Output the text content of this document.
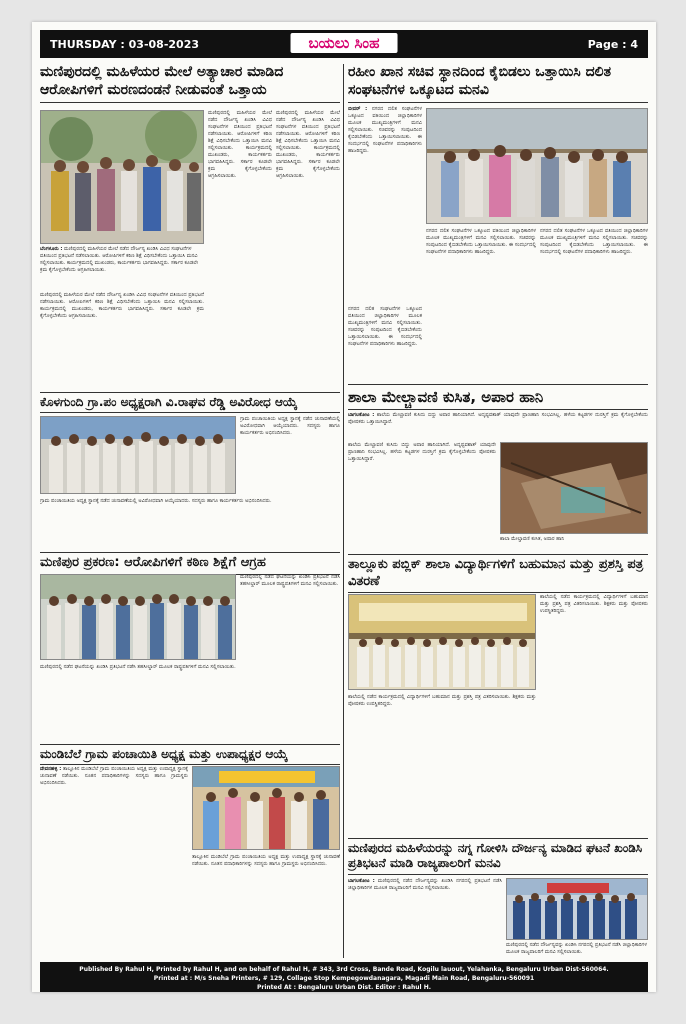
THURSDAY : 03-08-2023	ಬಯಲು ಸಿಂಹ	Page : 4
ಮಣಿಪುರದಲ್ಲಿ ಮಹಿಳೆಯರ ಮೇಲೆ ಅತ್ಯಾಚಾರ ಮಾಡಿದ ಆರೋಪಿಗಳಿಗೆ ಮರಣದಂಡನೆ ನೀಡುವಂತೆ ಒತ್ತಾಯ
ಬೆಂಗಳೂರು : ಮಣಿಪುರದಲ್ಲಿ ಮಹಿಳೆಯರ ಮೇಲೆ ನಡೆದ ದೌರ್ಜನ್ಯ ಖಂಡಿಸಿ ವಿವಿಧ ಸಂಘಟನೆಗಳ ವತಿಯಿಂದ ಪ್ರತಿಭಟನೆ ನಡೆಸಲಾಯಿತು. ಆರೋಪಿಗಳಿಗೆ ಕಠಿಣ ಶಿಕ್ಷೆ ವಿಧಿಸಬೇಕೆಂದು ಒತ್ತಾಯಿಸಿ ಮನವಿ ಸಲ್ಲಿಸಲಾಯಿತು. ಕಾರ್ಯಕ್ರಮದಲ್ಲಿ ಮುಖಂಡರು, ಕಾರ್ಯಕರ್ತರು ಭಾಗವಹಿಸಿದ್ದರು. ಸರ್ಕಾರ ಕೂಡಲೇ ಕ್ರಮ ಕೈಗೊಳ್ಳಬೇಕೆಂದು ಆಗ್ರಹಿಸಲಾಯಿತು.
ಮಣಿಪುರದಲ್ಲಿ ಮಹಿಳೆಯರ ಮೇಲೆ ನಡೆದ ದೌರ್ಜನ್ಯ ಖಂಡಿಸಿ ವಿವಿಧ ಸಂಘಟನೆಗಳ ವತಿಯಿಂದ ಪ್ರತಿಭಟನೆ ನಡೆಸಲಾಯಿತು. ಆರೋಪಿಗಳಿಗೆ ಕಠಿಣ ಶಿಕ್ಷೆ ವಿಧಿಸಬೇಕೆಂದು ಒತ್ತಾಯಿಸಿ ಮನವಿ ಸಲ್ಲಿಸಲಾಯಿತು. ಕಾರ್ಯಕ್ರಮದಲ್ಲಿ ಮುಖಂಡರು, ಕಾರ್ಯಕರ್ತರು ಭಾಗವಹಿಸಿದ್ದರು. ಸರ್ಕಾರ ಕೂಡಲೇ ಕ್ರಮ ಕೈಗೊಳ್ಳಬೇಕೆಂದು ಆಗ್ರಹಿಸಲಾಯಿತು.
ಮಣಿಪುರದಲ್ಲಿ ಮಹಿಳೆಯರ ಮೇಲೆ ನಡೆದ ದೌರ್ಜನ್ಯ ಖಂಡಿಸಿ ವಿವಿಧ ಸಂಘಟನೆಗಳ ವತಿಯಿಂದ ಪ್ರತಿಭಟನೆ ನಡೆಸಲಾಯಿತು. ಆರೋಪಿಗಳಿಗೆ ಕಠಿಣ ಶಿಕ್ಷೆ ವಿಧಿಸಬೇಕೆಂದು ಒತ್ತಾಯಿಸಿ ಮನವಿ ಸಲ್ಲಿಸಲಾಯಿತು. ಕಾರ್ಯಕ್ರಮದಲ್ಲಿ ಮುಖಂಡರು, ಕಾರ್ಯಕರ್ತರು ಭಾಗವಹಿಸಿದ್ದರು. ಸರ್ಕಾರ ಕೂಡಲೇ ಕ್ರಮ ಕೈಗೊಳ್ಳಬೇಕೆಂದು ಆಗ್ರಹಿಸಲಾಯಿತು.
ಮಣಿಪುರದಲ್ಲಿ ಮಹಿಳೆಯರ ಮೇಲೆ ನಡೆದ ದೌರ್ಜನ್ಯ ಖಂಡಿಸಿ ವಿವಿಧ ಸಂಘಟನೆಗಳ ವತಿಯಿಂದ ಪ್ರತಿಭಟನೆ ನಡೆಸಲಾಯಿತು. ಆರೋಪಿಗಳಿಗೆ ಕಠಿಣ ಶಿಕ್ಷೆ ವಿಧಿಸಬೇಕೆಂದು ಒತ್ತಾಯಿಸಿ ಮನವಿ ಸಲ್ಲಿಸಲಾಯಿತು. ಕಾರ್ಯಕ್ರಮದಲ್ಲಿ ಮುಖಂಡರು, ಕಾರ್ಯಕರ್ತರು ಭಾಗವಹಿಸಿದ್ದರು. ಸರ್ಕಾರ ಕೂಡಲೇ ಕ್ರಮ ಕೈಗೊಳ್ಳಬೇಕೆಂದು ಆಗ್ರಹಿಸಲಾಯಿತು.
ರಹೀಂ ಖಾನ ಸಚಿವ ಸ್ಥಾನದಿಂದ ಕೈಬಿಡಲು ಒತ್ತಾಯಿಸಿ ದಲಿತ ಸಂಘಟನೆಗಳ ಒಕ್ಕೂಟದ ಮನವಿ
ಬೀದರ್ : ನಗರದ ದಲಿತ ಸಂಘಟನೆಗಳ ಒಕ್ಕೂಟದ ವತಿಯಿಂದ ಜಿಲ್ಲಾಧಿಕಾರಿಗಳ ಮೂಲಕ ಮುಖ್ಯಮಂತ್ರಿಗಳಿಗೆ ಮನವಿ ಸಲ್ಲಿಸಲಾಯಿತು. ಸಚಿವರನ್ನು ಸಂಪುಟದಿಂದ ಕೈಬಿಡಬೇಕೆಂದು ಒತ್ತಾಯಿಸಲಾಯಿತು. ಈ ಸಂದರ್ಭದಲ್ಲಿ ಸಂಘಟನೆಗಳ ಪದಾಧಿಕಾರಿಗಳು ಹಾಜರಿದ್ದರು.
ನಗರದ ದಲಿತ ಸಂಘಟನೆಗಳ ಒಕ್ಕೂಟದ ವತಿಯಿಂದ ಜಿಲ್ಲಾಧಿಕಾರಿಗಳ ಮೂಲಕ ಮುಖ್ಯಮಂತ್ರಿಗಳಿಗೆ ಮನವಿ ಸಲ್ಲಿಸಲಾಯಿತು. ಸಚಿವರನ್ನು ಸಂಪುಟದಿಂದ ಕೈಬಿಡಬೇಕೆಂದು ಒತ್ತಾಯಿಸಲಾಯಿತು. ಈ ಸಂದರ್ಭದಲ್ಲಿ ಸಂಘಟನೆಗಳ ಪದಾಧಿಕಾರಿಗಳು ಹಾಜರಿದ್ದರು.
ನಗರದ ದಲಿತ ಸಂಘಟನೆಗಳ ಒಕ್ಕೂಟದ ವತಿಯಿಂದ ಜಿಲ್ಲಾಧಿಕಾರಿಗಳ ಮೂಲಕ ಮುಖ್ಯಮಂತ್ರಿಗಳಿಗೆ ಮನವಿ ಸಲ್ಲಿಸಲಾಯಿತು. ಸಚಿವರನ್ನು ಸಂಪುಟದಿಂದ ಕೈಬಿಡಬೇಕೆಂದು ಒತ್ತಾಯಿಸಲಾಯಿತು. ಈ ಸಂದರ್ಭದಲ್ಲಿ ಸಂಘಟನೆಗಳ ಪದಾಧಿಕಾರಿಗಳು ಹಾಜರಿದ್ದರು.
ನಗರದ ದಲಿತ ಸಂಘಟನೆಗಳ ಒಕ್ಕೂಟದ ವತಿಯಿಂದ ಜಿಲ್ಲಾಧಿಕಾರಿಗಳ ಮೂಲಕ ಮುಖ್ಯಮಂತ್ರಿಗಳಿಗೆ ಮನವಿ ಸಲ್ಲಿಸಲಾಯಿತು. ಸಚಿವರನ್ನು ಸಂಪುಟದಿಂದ ಕೈಬಿಡಬೇಕೆಂದು ಒತ್ತಾಯಿಸಲಾಯಿತು. ಈ ಸಂದರ್ಭದಲ್ಲಿ ಸಂಘಟನೆಗಳ ಪದಾಧಿಕಾರಿಗಳು ಹಾಜರಿದ್ದರು.
ಕೊಳಗುಂದಿ ಗ್ರಾ.ಪಂ ಅಧ್ಯಕ್ಷರಾಗಿ ವಿ.ರಾಘವ ರೆಡ್ಡಿ ಅವಿರೋಧ ಆಯ್ಕೆ
ಗ್ರಾಮ ಪಂಚಾಯಿತಿಯ ಅಧ್ಯಕ್ಷ ಸ್ಥಾನಕ್ಕೆ ನಡೆದ ಚುನಾವಣೆಯಲ್ಲಿ ಅವಿರೋಧವಾಗಿ ಆಯ್ಕೆಯಾದರು. ಸದಸ್ಯರು ಹಾಗೂ ಕಾರ್ಯಕರ್ತರು ಅಭಿನಂದಿಸಿದರು.
ಗ್ರಾಮ ಪಂಚಾಯಿತಿಯ ಅಧ್ಯಕ್ಷ ಸ್ಥಾನಕ್ಕೆ ನಡೆದ ಚುನಾವಣೆಯಲ್ಲಿ ಅವಿರೋಧವಾಗಿ ಆಯ್ಕೆಯಾದರು. ಸದಸ್ಯರು ಹಾಗೂ ಕಾರ್ಯಕರ್ತರು ಅಭಿನಂದಿಸಿದರು.
ಶಾಲಾ ಮೇಲ್ಚಾವಣಿ ಕುಸಿತ, ಅಪಾರ ಹಾನಿ
ಬಾಗಲಕೋಟ : ಶಾಲೆಯ ಮೇಲ್ಚಾವಣಿ ಕುಸಿದು ಬಿದ್ದು ಅಪಾರ ಹಾನಿಯಾಗಿದೆ. ಅದೃಷ್ಟವಶಾತ್ ಯಾವುದೇ ಪ್ರಾಣಹಾನಿ ಸಂಭವಿಸಿಲ್ಲ. ಹಳೆಯ ಕಟ್ಟಡಗಳ ದುರಸ್ತಿಗೆ ಕ್ರಮ ಕೈಗೊಳ್ಳಬೇಕೆಂದು ಪೋಷಕರು ಒತ್ತಾಯಿಸಿದ್ದಾರೆ.
ಶಾಲೆಯ ಮೇಲ್ಚಾವಣಿ ಕುಸಿದು ಬಿದ್ದು ಅಪಾರ ಹಾನಿಯಾಗಿದೆ. ಅದೃಷ್ಟವಶಾತ್ ಯಾವುದೇ ಪ್ರಾಣಹಾನಿ ಸಂಭವಿಸಿಲ್ಲ. ಹಳೆಯ ಕಟ್ಟಡಗಳ ದುರಸ್ತಿಗೆ ಕ್ರಮ ಕೈಗೊಳ್ಳಬೇಕೆಂದು ಪೋಷಕರು ಒತ್ತಾಯಿಸಿದ್ದಾರೆ.
ಶಾಲಾ ಮೇಲ್ಚಾವಣಿ ಕುಸಿತ, ಅಪಾರ ಹಾನಿ
ಮಣಿಪುರ ಪ್ರಕರಣ: ಆರೋಪಿಗಳಿಗೆ ಕಠಿಣ ಶಿಕ್ಷೆಗೆ ಆಗ್ರಹ
ಮಣಿಪುರದಲ್ಲಿ ನಡೆದ ಘಟನೆಯನ್ನು ಖಂಡಿಸಿ ಪ್ರತಿಭಟನೆ ನಡೆಸಿ ತಹಸೀಲ್ದಾರ್ ಮೂಲಕ ರಾಷ್ಟ್ರಪತಿಗಳಿಗೆ ಮನವಿ ಸಲ್ಲಿಸಲಾಯಿತು.
ಮಣಿಪುರದಲ್ಲಿ ನಡೆದ ಘಟನೆಯನ್ನು ಖಂಡಿಸಿ ಪ್ರತಿಭಟನೆ ನಡೆಸಿ ತಹಸೀಲ್ದಾರ್ ಮೂಲಕ ರಾಷ್ಟ್ರಪತಿಗಳಿಗೆ ಮನವಿ ಸಲ್ಲಿಸಲಾಯಿತು.
ತಾಲ್ಲೂಕು ಪಬ್ಲಿಕ್ ಶಾಲಾ ವಿದ್ಯಾರ್ಥಿಗಳಿಗೆ ಬಹುಮಾನ ಮತ್ತು ಪ್ರಶಸ್ತಿ ಪತ್ರ ವಿತರಣೆ
ಶಾಲೆಯಲ್ಲಿ ನಡೆದ ಕಾರ್ಯಕ್ರಮದಲ್ಲಿ ವಿದ್ಯಾರ್ಥಿಗಳಿಗೆ ಬಹುಮಾನ ಮತ್ತು ಪ್ರಶಸ್ತಿ ಪತ್ರ ವಿತರಿಸಲಾಯಿತು. ಶಿಕ್ಷಕರು ಮತ್ತು ಪೋಷಕರು ಉಪಸ್ಥಿತರಿದ್ದರು.
ಶಾಲೆಯಲ್ಲಿ ನಡೆದ ಕಾರ್ಯಕ್ರಮದಲ್ಲಿ ವಿದ್ಯಾರ್ಥಿಗಳಿಗೆ ಬಹುಮಾನ ಮತ್ತು ಪ್ರಶಸ್ತಿ ಪತ್ರ ವಿತರಿಸಲಾಯಿತು. ಶಿಕ್ಷಕರು ಮತ್ತು ಪೋಷಕರು ಉಪಸ್ಥಿತರಿದ್ದರು.
ಮಂಡಿಬೆಲೆ ಗ್ರಾಮ ಪಂಚಾಯಿತಿ ಅಧ್ಯಕ್ಷ ಮತ್ತು ಉಪಾಧ್ಯಕ್ಷರ ಆಯ್ಕೆ
ದೇವನಹಳ್ಳಿ : ತಾಲ್ಲೂಕಿನ ಮಂಡಿಬೆಲೆ ಗ್ರಾಮ ಪಂಚಾಯಿತಿಯ ಅಧ್ಯಕ್ಷ ಮತ್ತು ಉಪಾಧ್ಯಕ್ಷ ಸ್ಥಾನಕ್ಕೆ ಚುನಾವಣೆ ನಡೆಯಿತು. ನೂತನ ಪದಾಧಿಕಾರಿಗಳನ್ನು ಸದಸ್ಯರು ಹಾಗೂ ಗ್ರಾಮಸ್ಥರು ಅಭಿನಂದಿಸಿದರು.
ತಾಲ್ಲೂಕಿನ ಮಂಡಿಬೆಲೆ ಗ್ರಾಮ ಪಂಚಾಯಿತಿಯ ಅಧ್ಯಕ್ಷ ಮತ್ತು ಉಪಾಧ್ಯಕ್ಷ ಸ್ಥಾನಕ್ಕೆ ಚುನಾವಣೆ ನಡೆಯಿತು. ನೂತನ ಪದಾಧಿಕಾರಿಗಳನ್ನು ಸದಸ್ಯರು ಹಾಗೂ ಗ್ರಾಮಸ್ಥರು ಅಭಿನಂದಿಸಿದರು.
ಮಣಿಪುರದ ಮಹಿಳೆಯರನ್ನು ನಗ್ನ ಗೋಳಿಸಿ ದೌರ್ಜನ್ಯ ಮಾಡಿದ ಘಟನೆ ಖಂಡಿಸಿ ಪ್ರತಿಭಟನೆ ಮಾಡಿ ರಾಜ್ಯಪಾಲರಿಗೆ ಮನವಿ
ಬಾಗಲಕೋಟ : ಮಣಿಪುರದಲ್ಲಿ ನಡೆದ ದೌರ್ಜನ್ಯವನ್ನು ಖಂಡಿಸಿ ನಗರದಲ್ಲಿ ಪ್ರತಿಭಟನೆ ನಡೆಸಿ ಜಿಲ್ಲಾಧಿಕಾರಿಗಳ ಮೂಲಕ ರಾಜ್ಯಪಾಲರಿಗೆ ಮನವಿ ಸಲ್ಲಿಸಲಾಯಿತು.
ಮಣಿಪುರದಲ್ಲಿ ನಡೆದ ದೌರ್ಜನ್ಯವನ್ನು ಖಂಡಿಸಿ ನಗರದಲ್ಲಿ ಪ್ರತಿಭಟನೆ ನಡೆಸಿ ಜಿಲ್ಲಾಧಿಕಾರಿಗಳ ಮೂಲಕ ರಾಜ್ಯಪಾಲರಿಗೆ ಮನವಿ ಸಲ್ಲಿಸಲಾಯಿತು.
Published By Rahul H, Printed by Rahul H, and on behalf of Rahul H, # 343, 3rd Cross, Bande Road, Kogilu lauout, Yelahanka, Bengaluru Urban Dist-560064.
Printed at : M/s Sneha Printers, # 129, Collage Stop Kempegowdanagara, Magadi Main Road, Bengaluru-560091
Printed At : Bengaluru Urban Dist. Editor : Rahul H.
